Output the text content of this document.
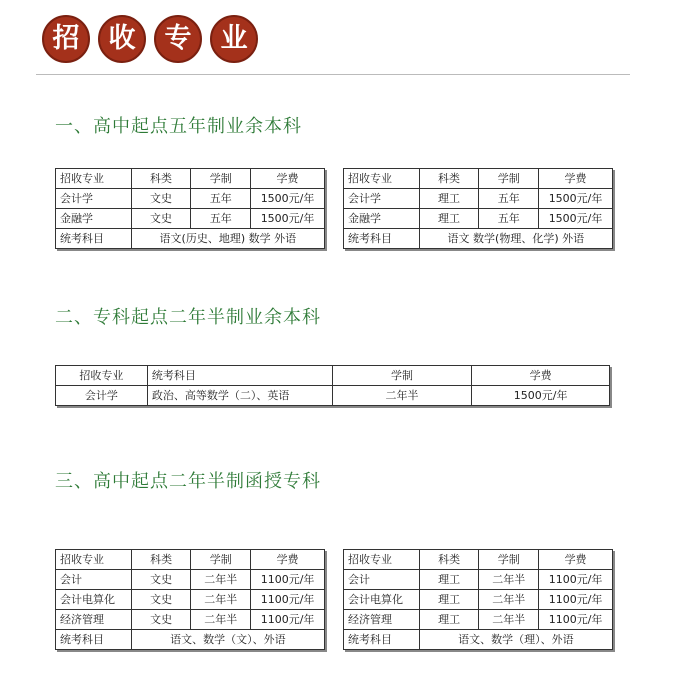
招	收	专	业
一、高中起点五年制业余本科
招收专业	科类	学制	学费
会计学	文史	五年	1500元/年
金融学	文史	五年	1500元/年
统考科目	语文(历史、地理) 数学 外语		
招收专业	科类	学制	学费
会计学	理工	五年	1500元/年
金融学	理工	五年	1500元/年
统考科目	语文 数学(物理、化学) 外语		
二、专科起点二年半制业余本科
招收专业	统考科目	学制	学费
会计学	政治、高等数学（二）、英语	二年半	1500元/年
三、高中起点二年半制函授专科
招收专业	科类	学制	学费
会计	文史	二年半	1100元/年
会计电算化	文史	二年半	1100元/年
经济管理	文史	二年半	1100元/年
统考科目	语文、数学（文）、外语		
招收专业	科类	学制	学费
会计	理工	二年半	1100元/年
会计电算化	理工	二年半	1100元/年
经济管理	理工	二年半	1100元/年
统考科目	语文、数学（理）、外语		
